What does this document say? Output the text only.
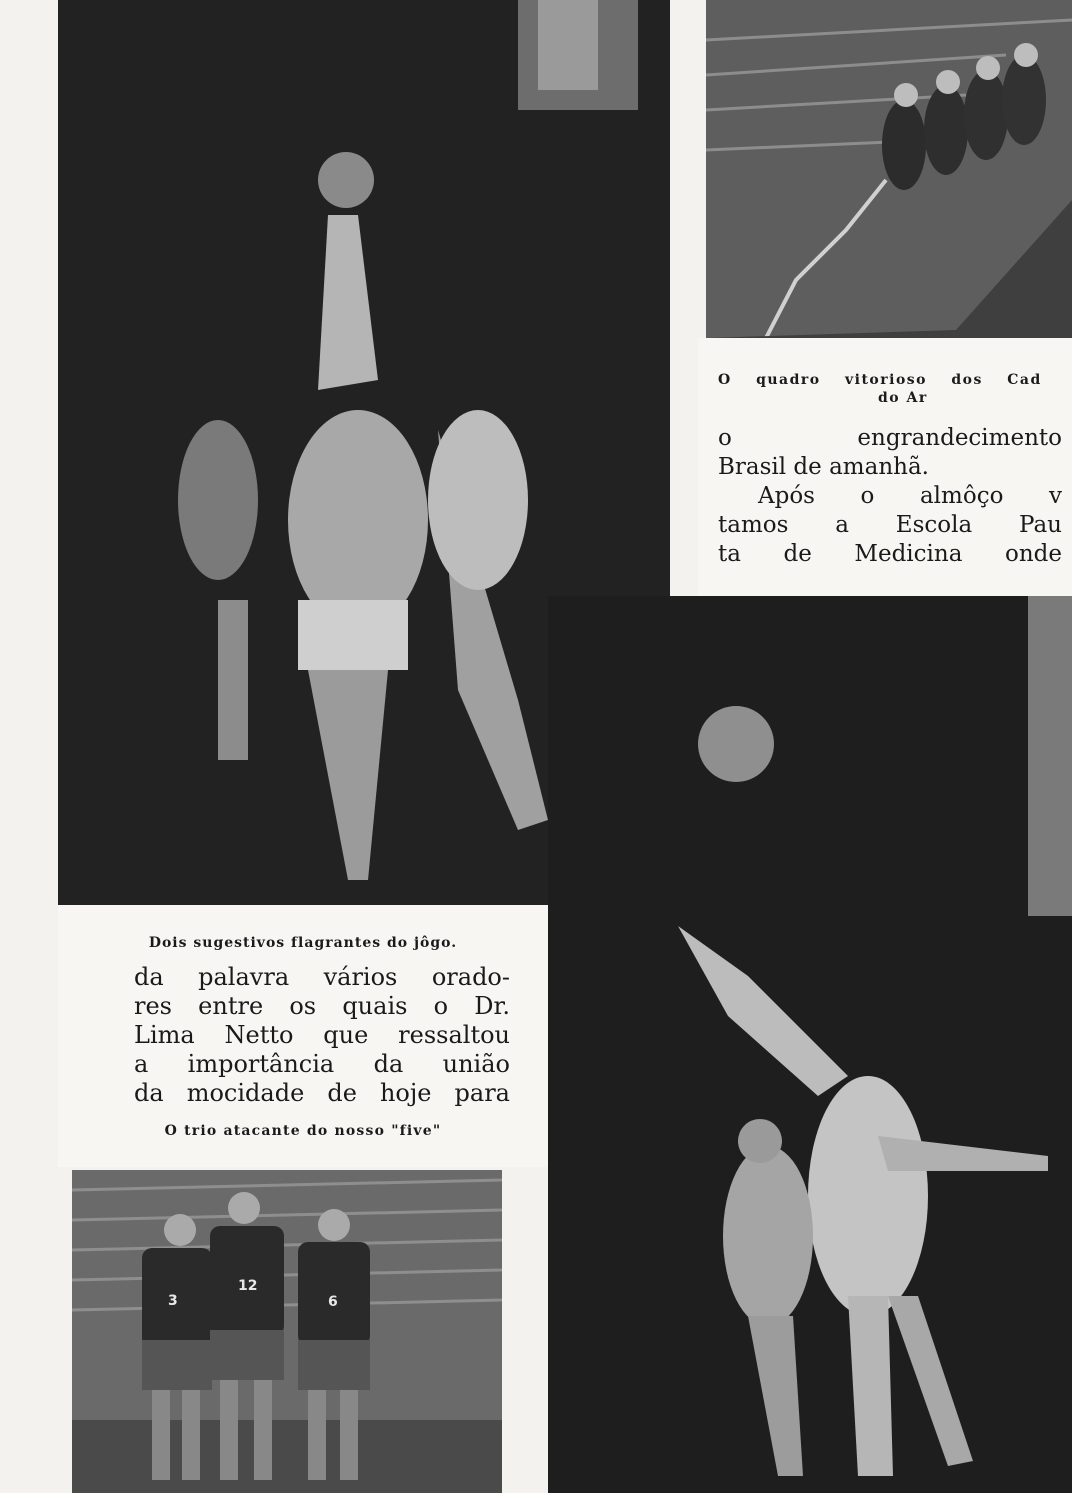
O quadro vitorioso dos Cad

do Ar

o engrandecimento
Brasil de amanhã.
Após o almôço v
tamos a Escola Pau
ta de Medicina onde

Dois sugestivos flagrantes do jôgo.

da palavra vários orado-
res entre os quais o Dr.
Lima Netto que ressaltou
a importância da união
da mocidade de hoje para

O trio atacante do nosso "five"

3
12
6
